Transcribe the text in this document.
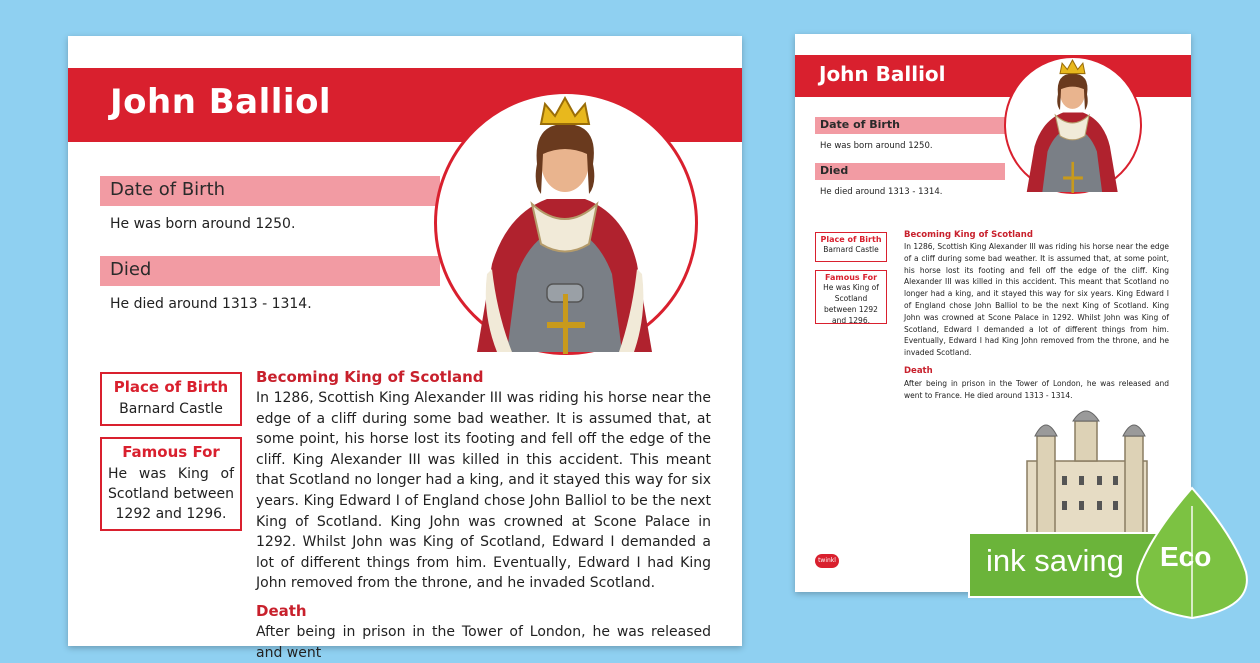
John Balliol
Date of Birth
He was born around 1250.
Died
He died around 1313 - 1314.
Place of Birth
Barnard Castle
Famous For
He was King of Scotland between 1292 and 1296.
Becoming King of Scotland
In 1286, Scottish King Alexander III was riding his horse near the edge of a cliff during some bad weather. It is assumed that, at some point, his horse lost its footing and fell off the edge of the cliff. King Alexander III was killed in this accident. This meant that Scotland no longer had a king, and it stayed this way for six years. King Edward I of England chose John Balliol to be the next King of Scotland. King John was crowned at Scone Palace in 1292. Whilst John was King of Scotland, Edward I demanded a lot of different things from him. Eventually, Edward I had King John removed from the throne, and he invaded Scotland.
Death
After being in prison in the Tower of London, he was released and went
John Balliol
Date of Birth
He was born around 1250.
Died
He died around 1313 - 1314.
Place of Birth
Barnard Castle
Famous For
He was King of Scotland between 1292 and 1296.
Becoming King of Scotland
In 1286, Scottish King Alexander III was riding his horse near the edge of a cliff during some bad weather. It is assumed that, at some point, his horse lost its footing and fell off the edge of the cliff. King Alexander III was killed in this accident. This meant that Scotland no longer had a king, and it stayed this way for six years. King Edward I of England chose John Balliol to be the next King of Scotland. King John was crowned at Scone Palace in 1292. Whilst John was King of Scotland, Edward I demanded a lot of different things from him. Eventually, Edward I had King John removed from the throne, and he invaded Scotland.
Death
After being in prison in the Tower of London, he was released and went to France. He died around 1313 - 1314.
twinkl	ink saving Eco
